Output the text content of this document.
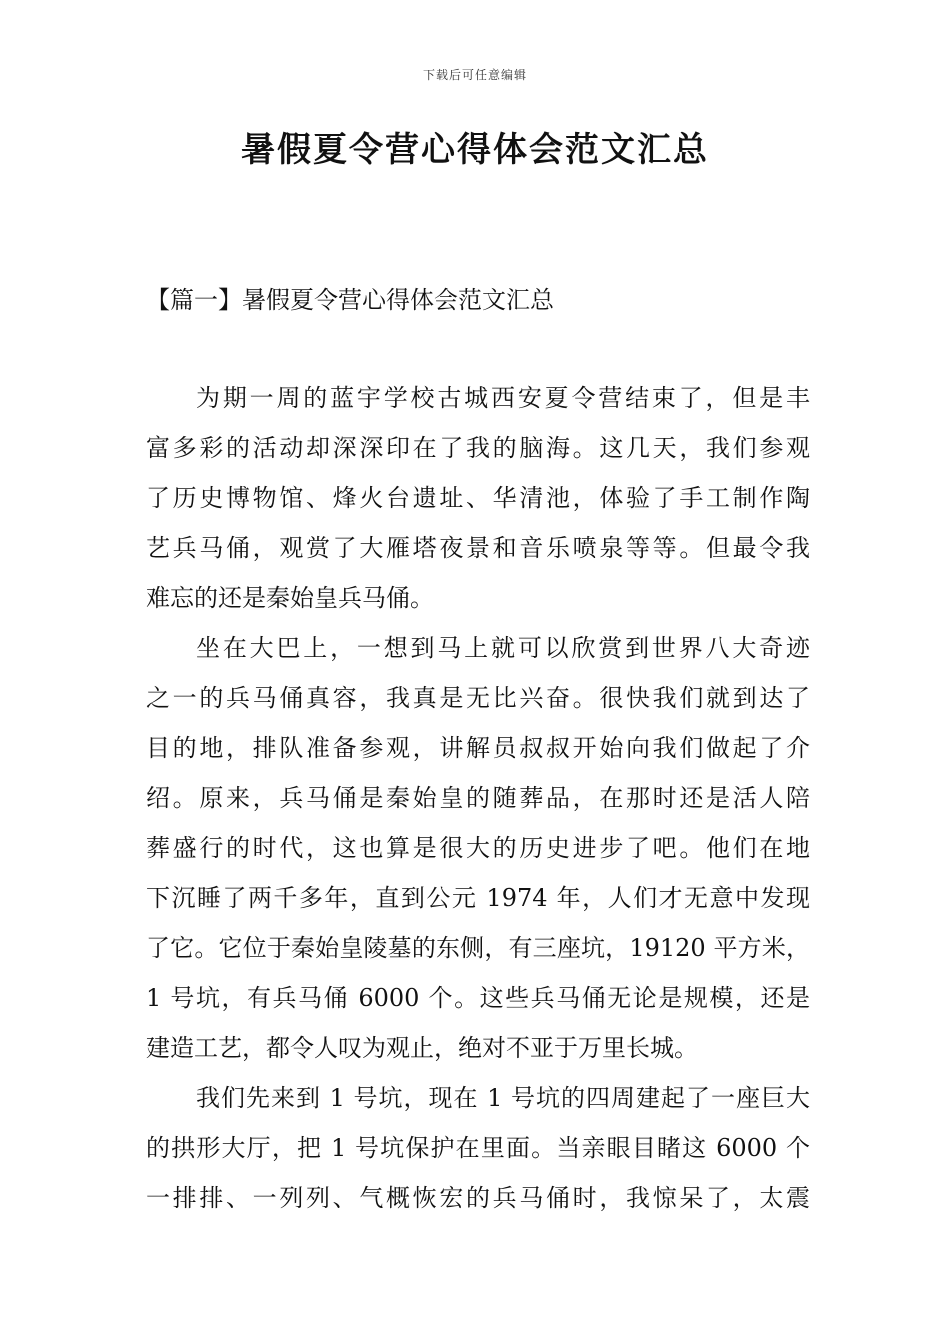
下载后可任意编辑
暑假夏令营心得体会范文汇总
【篇一】暑假夏令营心得体会范文汇总
为期一周的蓝宇学校古城西安夏令营结束了，但是丰
富多彩的活动却深深印在了我的脑海。这几天，我们参观
了历史博物馆、烽火台遗址、华清池，体验了手工制作陶
艺兵马俑，观赏了大雁塔夜景和音乐喷泉等等。但最令我
难忘的还是秦始皇兵马俑。
坐在大巴上，一想到马上就可以欣赏到世界八大奇迹
之一的兵马俑真容，我真是无比兴奋。很快我们就到达了
目的地，排队准备参观，讲解员叔叔开始向我们做起了介
绍。原来，兵马俑是秦始皇的随葬品，在那时还是活人陪
葬盛行的时代，这也算是很大的历史进步了吧。他们在地
下沉睡了两千多年，直到公元 1974 年，人们才无意中发现
了它。它位于秦始皇陵墓的东侧，有三座坑，19120 平方米，
1 号坑，有兵马俑 6000 个。这些兵马俑无论是规模，还是
建造工艺，都令人叹为观止，绝对不亚于万里长城。
我们先来到 1 号坑，现在 1 号坑的四周建起了一座巨大
的拱形大厅，把 1 号坑保护在里面。当亲眼目睹这 6000 个
一排排、一列列、气概恢宏的兵马俑时，我惊呆了，太震
